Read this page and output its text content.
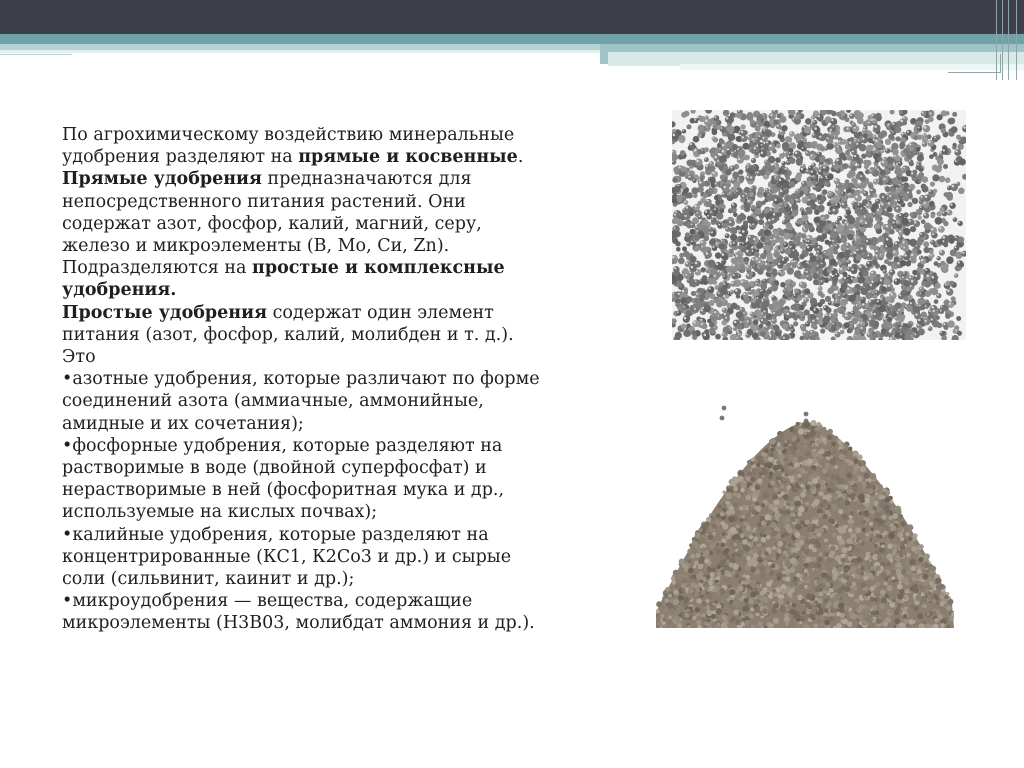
По агрохимическому воздействию минеральные
удобрения разделяют на прямые и косвенные.
Прямые удобрения предназначаются для
непосредственного питания растений. Они
содержат азот, фосфор, калий, магний, серу,
железо и микроэлементы (В, Мо, Си, Zn).
Подразделяются на простые и комплексные
удобрения.
Простые удобрения содержат один элемент
питания (азот, фосфор, калий, молибден и т. д.).
Это
•азотные удобрения, которые различают по форме
соединений азота (аммиачные, аммонийные,
амидные и их сочетания);
•фосфорные удобрения, которые разделяют на
растворимые в воде (двойной суперфосфат) и
нерастворимые в ней (фосфоритная мука и др.,
используемые на кислых почвах);
•калийные удобрения, которые разделяют на
концентрированные (КС1, К2Со3 и др.) и сырые
соли (сильвинит, каинит и др.);
•микроудобрения — вещества, содержащие
микроэлементы (Н3В03, молибдат аммония и др.).
